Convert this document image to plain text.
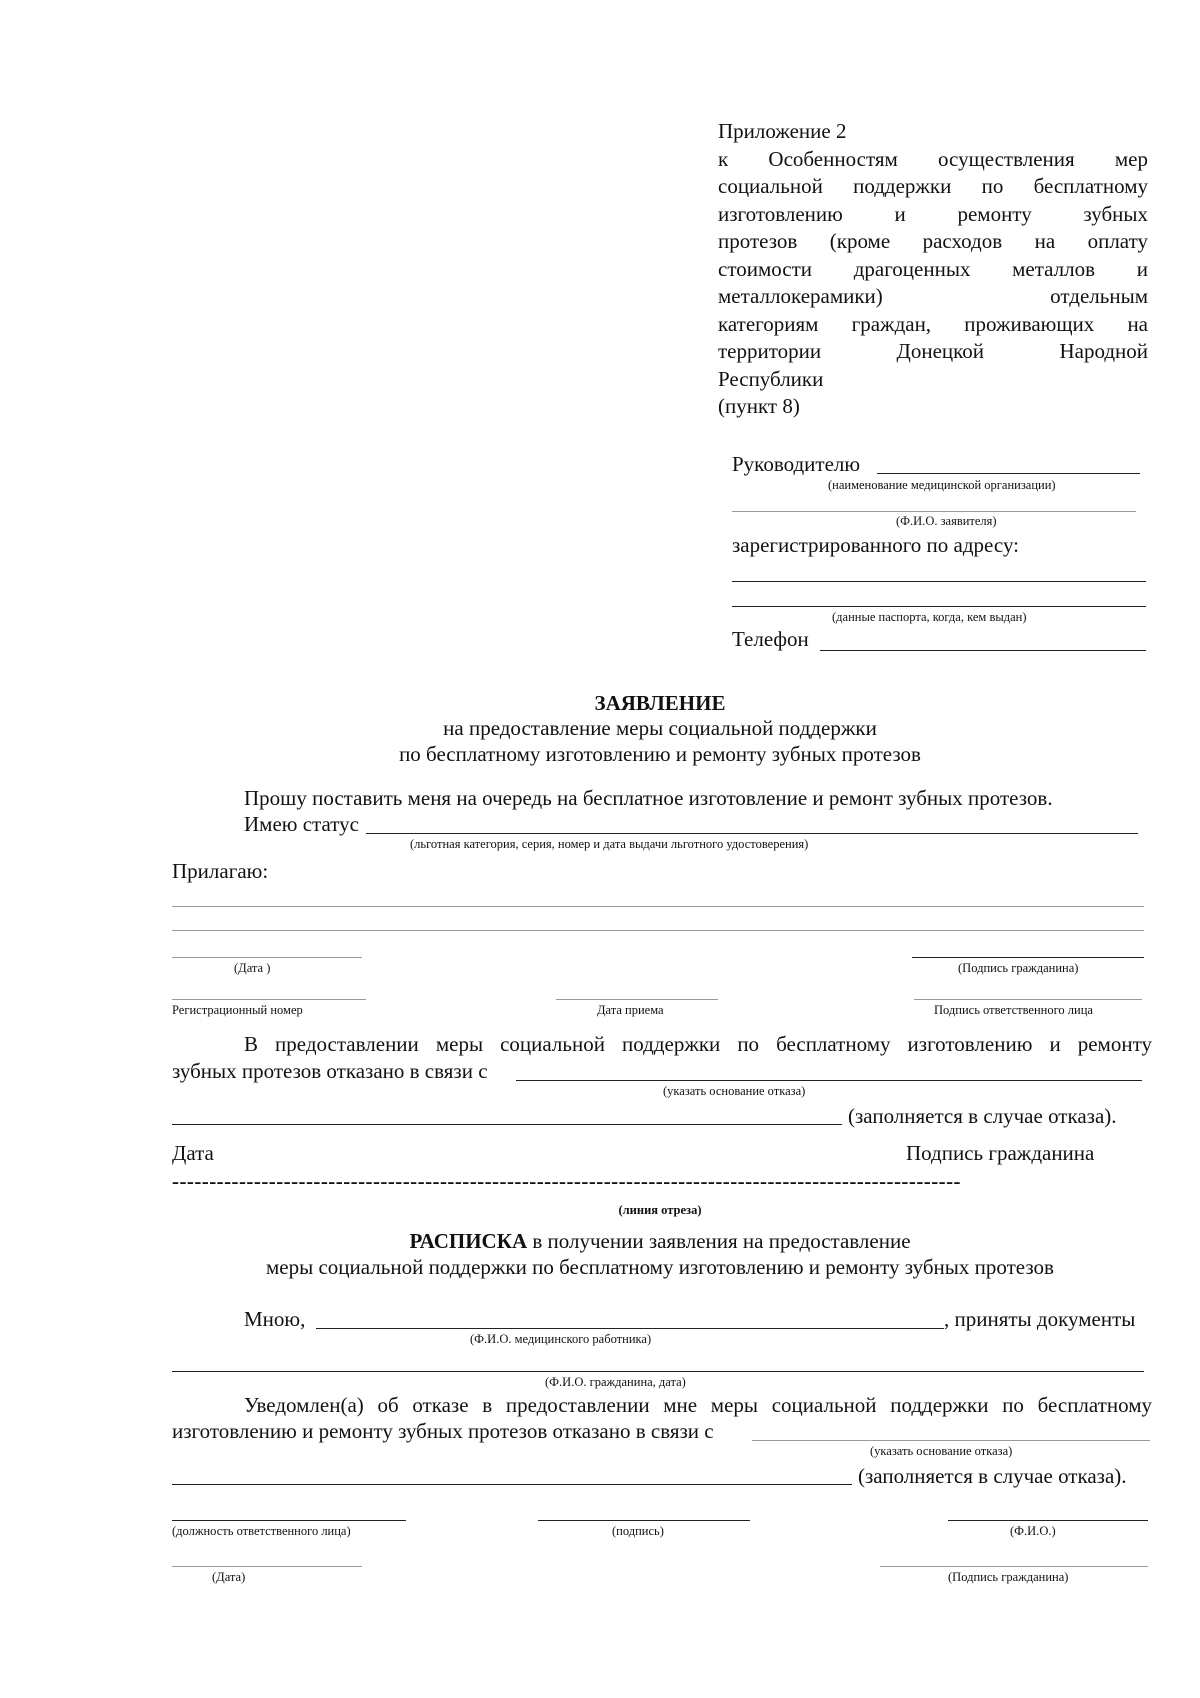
Приложение 2
к Особенностям осуществления мер
социальной поддержки по бесплатному
изготовлению и ремонту зубных
протезов (кроме расходов на оплату
стоимости драгоценных металлов и
металлокерамики) отдельным
категориям граждан, проживающих на
территории Донецкой Народной
Республики
(пункт 8)
Руководителю
(наименование медицинской организации)
(Ф.И.О. заявителя)
зарегистрированного по адресу:
(данные паспорта, когда, кем выдан)
Телефон
ЗАЯВЛЕНИЕ
на предоставление меры социальной поддержки
по бесплатному изготовлению и ремонту зубных протезов
Прошу поставить меня на очередь на бесплатное изготовление и ремонт зубных протезов.
Имею статус
(льготная категория, серия, номер и дата выдачи льготного удостоверения)
Прилагаю:
(Дата )	(Подпись гражданина)
Регистрационный номер	Дата приема	Подпись ответственного лица
В предоставлении меры социальной поддержки по бесплатному изготовлению и ремонту
зубных протезов отказано в связи с
(указать основание отказа)
(заполняется в случае отказа).
Дата	Подпись гражданина
----------------------------------------------------------------------------------------------------------
(линия отреза)
РАСПИСКА в получении заявления на предоставление
меры социальной поддержки по бесплатному изготовлению и ремонту зубных протезов
Мною,	, приняты документы
(Ф.И.О. медицинского работника)
(Ф.И.О. гражданина, дата)
Уведомлен(а) об отказе в предоставлении мне меры социальной поддержки по бесплатному
изготовлению и ремонту зубных протезов отказано в связи с
(указать основание отказа)
(заполняется в случае отказа).
(должность ответственного лица)	(подпись)	(Ф.И.О.)
(Дата)	(Подпись гражданина)
